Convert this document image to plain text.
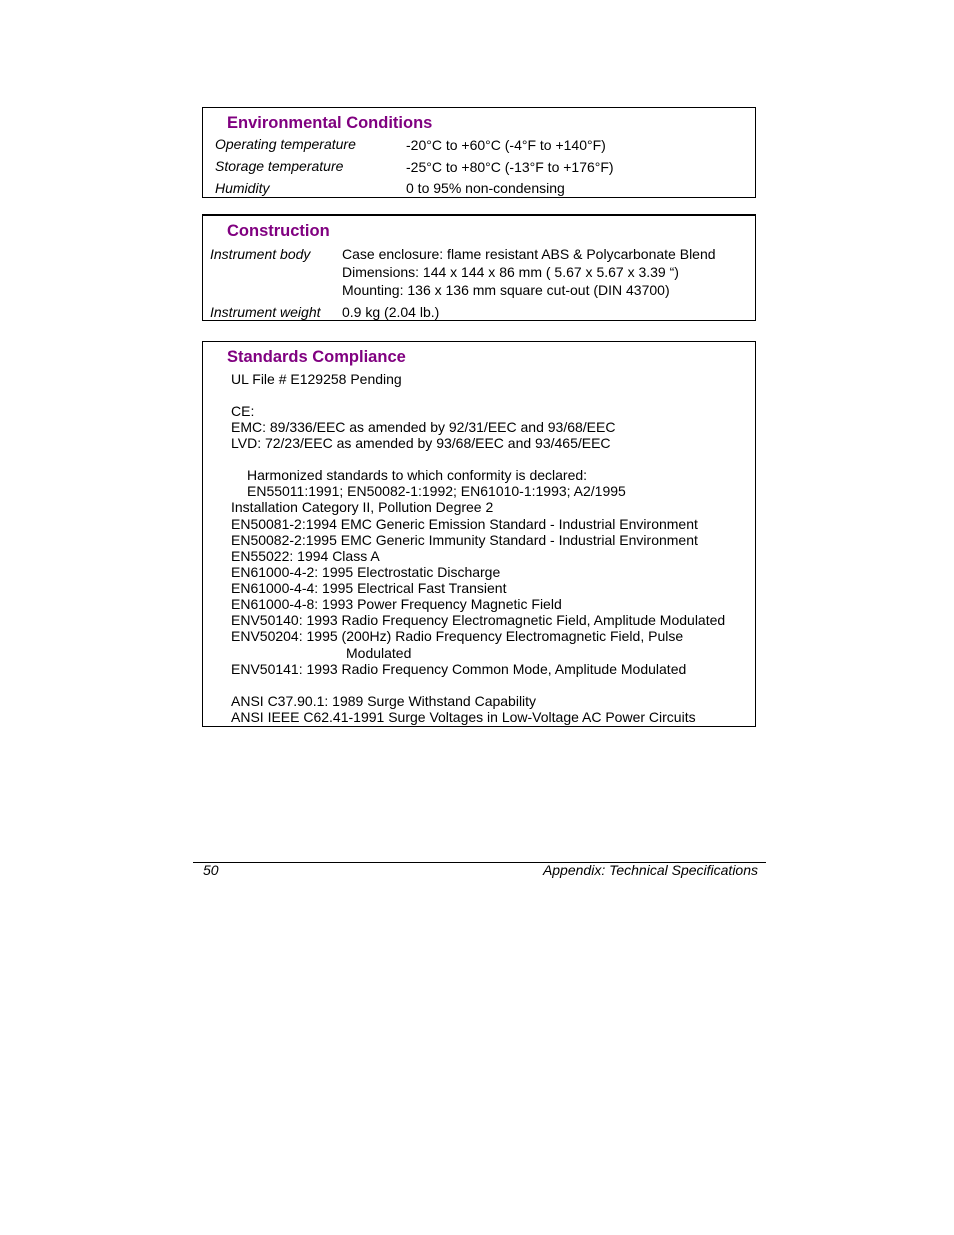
Environmental Conditions
Operating temperature	-20°C to +60°C (-4°F to +140°F)
Storage temperature	-25°C to +80°C (-13°F to +176°F)
Humidity	0 to 95% non-condensing
Construction
Instrument body Case enclosure: flame resistant ABS & Polycarbonate Blend
Dimensions: 144 x 144 x 86 mm ( 5.67 x 5.67 x 3.39 “)
Mounting: 136 x 136 mm square cut-out (DIN 43700)
Instrument weight 0.9 kg (2.04 lb.)
Standards Compliance
UL File # E129258 Pending
CE:
EMC: 89/336/EEC as amended by 92/31/EEC and 93/68/EEC
LVD: 72/23/EEC as amended by 93/68/EEC and 93/465/EEC
Harmonized standards to which conformity is declared:
EN55011:1991; EN50082-1:1992; EN61010-1:1993; A2/1995
Installation Category II, Pollution Degree 2
EN50081-2:1994 EMC Generic Emission Standard - Industrial Environment
EN50082-2:1995 EMC Generic Immunity Standard - Industrial Environment
EN55022: 1994 Class A
EN61000-4-2: 1995 Electrostatic Discharge
EN61000-4-4: 1995 Electrical Fast Transient
EN61000-4-8: 1993 Power Frequency Magnetic Field
ENV50140: 1993 Radio Frequency Electromagnetic Field, Amplitude Modulated
ENV50204: 1995 (200Hz) Radio Frequency Electromagnetic Field, Pulse
Modulated
ENV50141: 1993 Radio Frequency Common Mode, Amplitude Modulated
ANSI C37.90.1: 1989 Surge Withstand Capability
ANSI IEEE C62.41-1991 Surge Voltages in Low-Voltage AC Power Circuits
50	Appendix: Technical Specifications
